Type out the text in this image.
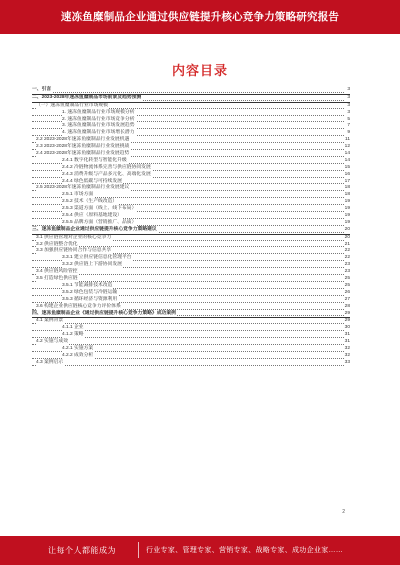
速冻鱼糜制品企业通过供应链提升核心竞争力策略研究报告
内容目录
一、引言	3
二、2023-2028年速冻鱼糜制品市场前景及趋势预测	3
（一）速冻鱼糜制品行业市场规模	3
1. 速冻鱼糜制品行业市场规模分析	3
2. 速冻鱼糜制品行业市场竞争分析	5
3. 速冻鱼糜制品行业市场发展趋势	7
4. 速冻鱼糜制品行业市场增长潜力	9
2.2 2023-2028年速冻鱼糜制品行业发展机遇	11
2.3 2023-2028年速冻鱼糜制品行业发展挑战	12
2.4 2023-2028年速冻鱼糜制品行业发展趋势	14
2.4.1 数字化转型与智能化升级	14
2.4.2 冷链物流体系完善与供应链协同发展	15
2.4.3 消费升级与产品多元化、高端化发展	16
2.4.4 绿色低碳与可持续发展	17
2.5 2023-2028年速冻鱼糜制品行业发展建议	18
2.5.1 市场方面	18
2.5.2 技术（生产线改造）	19
2.5.3 渠道方面（线上、线下布局）	19
2.5.4 供应（原料基地建设）	19
2.5.5 品牌方面（营销推广、品质）	19
三、速冻鱼糜制品企业通过供应链提升核心竞争力策略建议	20
3.1 供应链管理对企业的核心竞争力	20
3.2 供应链整合优化	21
3.3 加强供应链协同合作与信息共享	22
3.3.1 建立供应链信息化管理平台	22
3.3.2 供应链上下游协同发展	23
3.4 供应链风险管控	23
3.5 打造绿色供应链	25
3.5.1 节能减排技术改造	25
3.5.2 绿色包装与冷链运输	26
3.5.3 循环经济与资源利用	27
3.6 构建企业供应链核心竞争力评价体系	28
四、速冻鱼糜制品企业《通过供应链提升核心竞争力策略》成功案例	29
4.1 案例背景	29
4.1.1 企业	30
4.1.2 策略	31
4.2 实施与成效	31
4.2.1 实施方案	32
4.2.2 成效分析	32
4.3 案例启示	33
2
让每个人都能成为	行业专家、管理专家、营销专家、战略专家、成功企业家……
